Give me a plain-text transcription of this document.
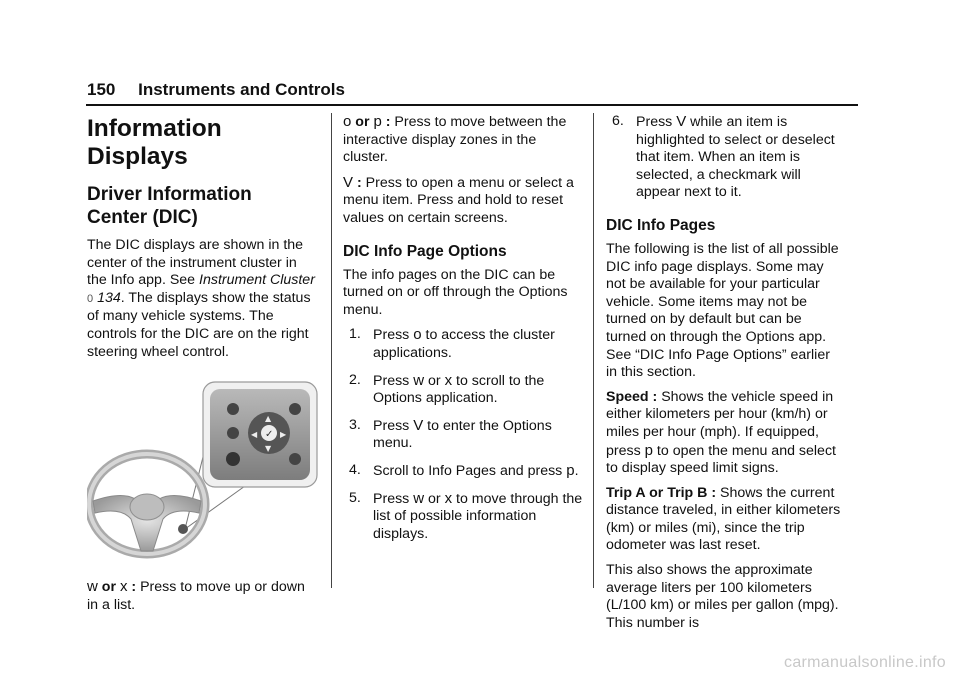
150 Instruments and Controls
Information Displays
Driver Information
Center (DIC)

The DIC displays are shown in the center of the instrument cluster in the Info app. See Instrument Cluster
0 134. The displays show the status of many vehicle systems. The controls for the DIC are on the right steering wheel control.

✓
▲
▼
◀	▶

w or x : Press to move up or down in a list.

o or p : Press to move between the interactive display zones in the cluster.

V : Press to open a menu or select a menu item. Press and hold to reset values on certain screens.

DIC Info Page Options

The info pages on the DIC can be turned on or off through the Options menu.

1. Press o to access the cluster applications.
2. Press w or x to scroll to the Options application.
3. Press V to enter the Options menu.
4. Scroll to Info Pages and press p.
5. Press w or x to move through the list of possible information displays.
6. Press V while an item is highlighted to select or deselect that item. When an item is selected, a checkmark will appear next to it.
DIC Info Pages

The following is the list of all possible DIC info page displays. Some may not be available for your particular vehicle. Some items may not be turned on by default but can be turned on through the Options app. See “DIC Info Page Options” earlier in this section.

Speed : Shows the vehicle speed in either kilometers per hour (km/h) or miles per hour (mph). If equipped, press p to open the menu and select to display speed limit signs.

Trip A or Trip B : Shows the current distance traveled, in either kilometers (km) or miles (mi), since the trip odometer was last reset.

This also shows the approximate average liters per 100 kilometers (L/100 km) or miles per gallon (mpg). This number is

carmanualsonline.info
